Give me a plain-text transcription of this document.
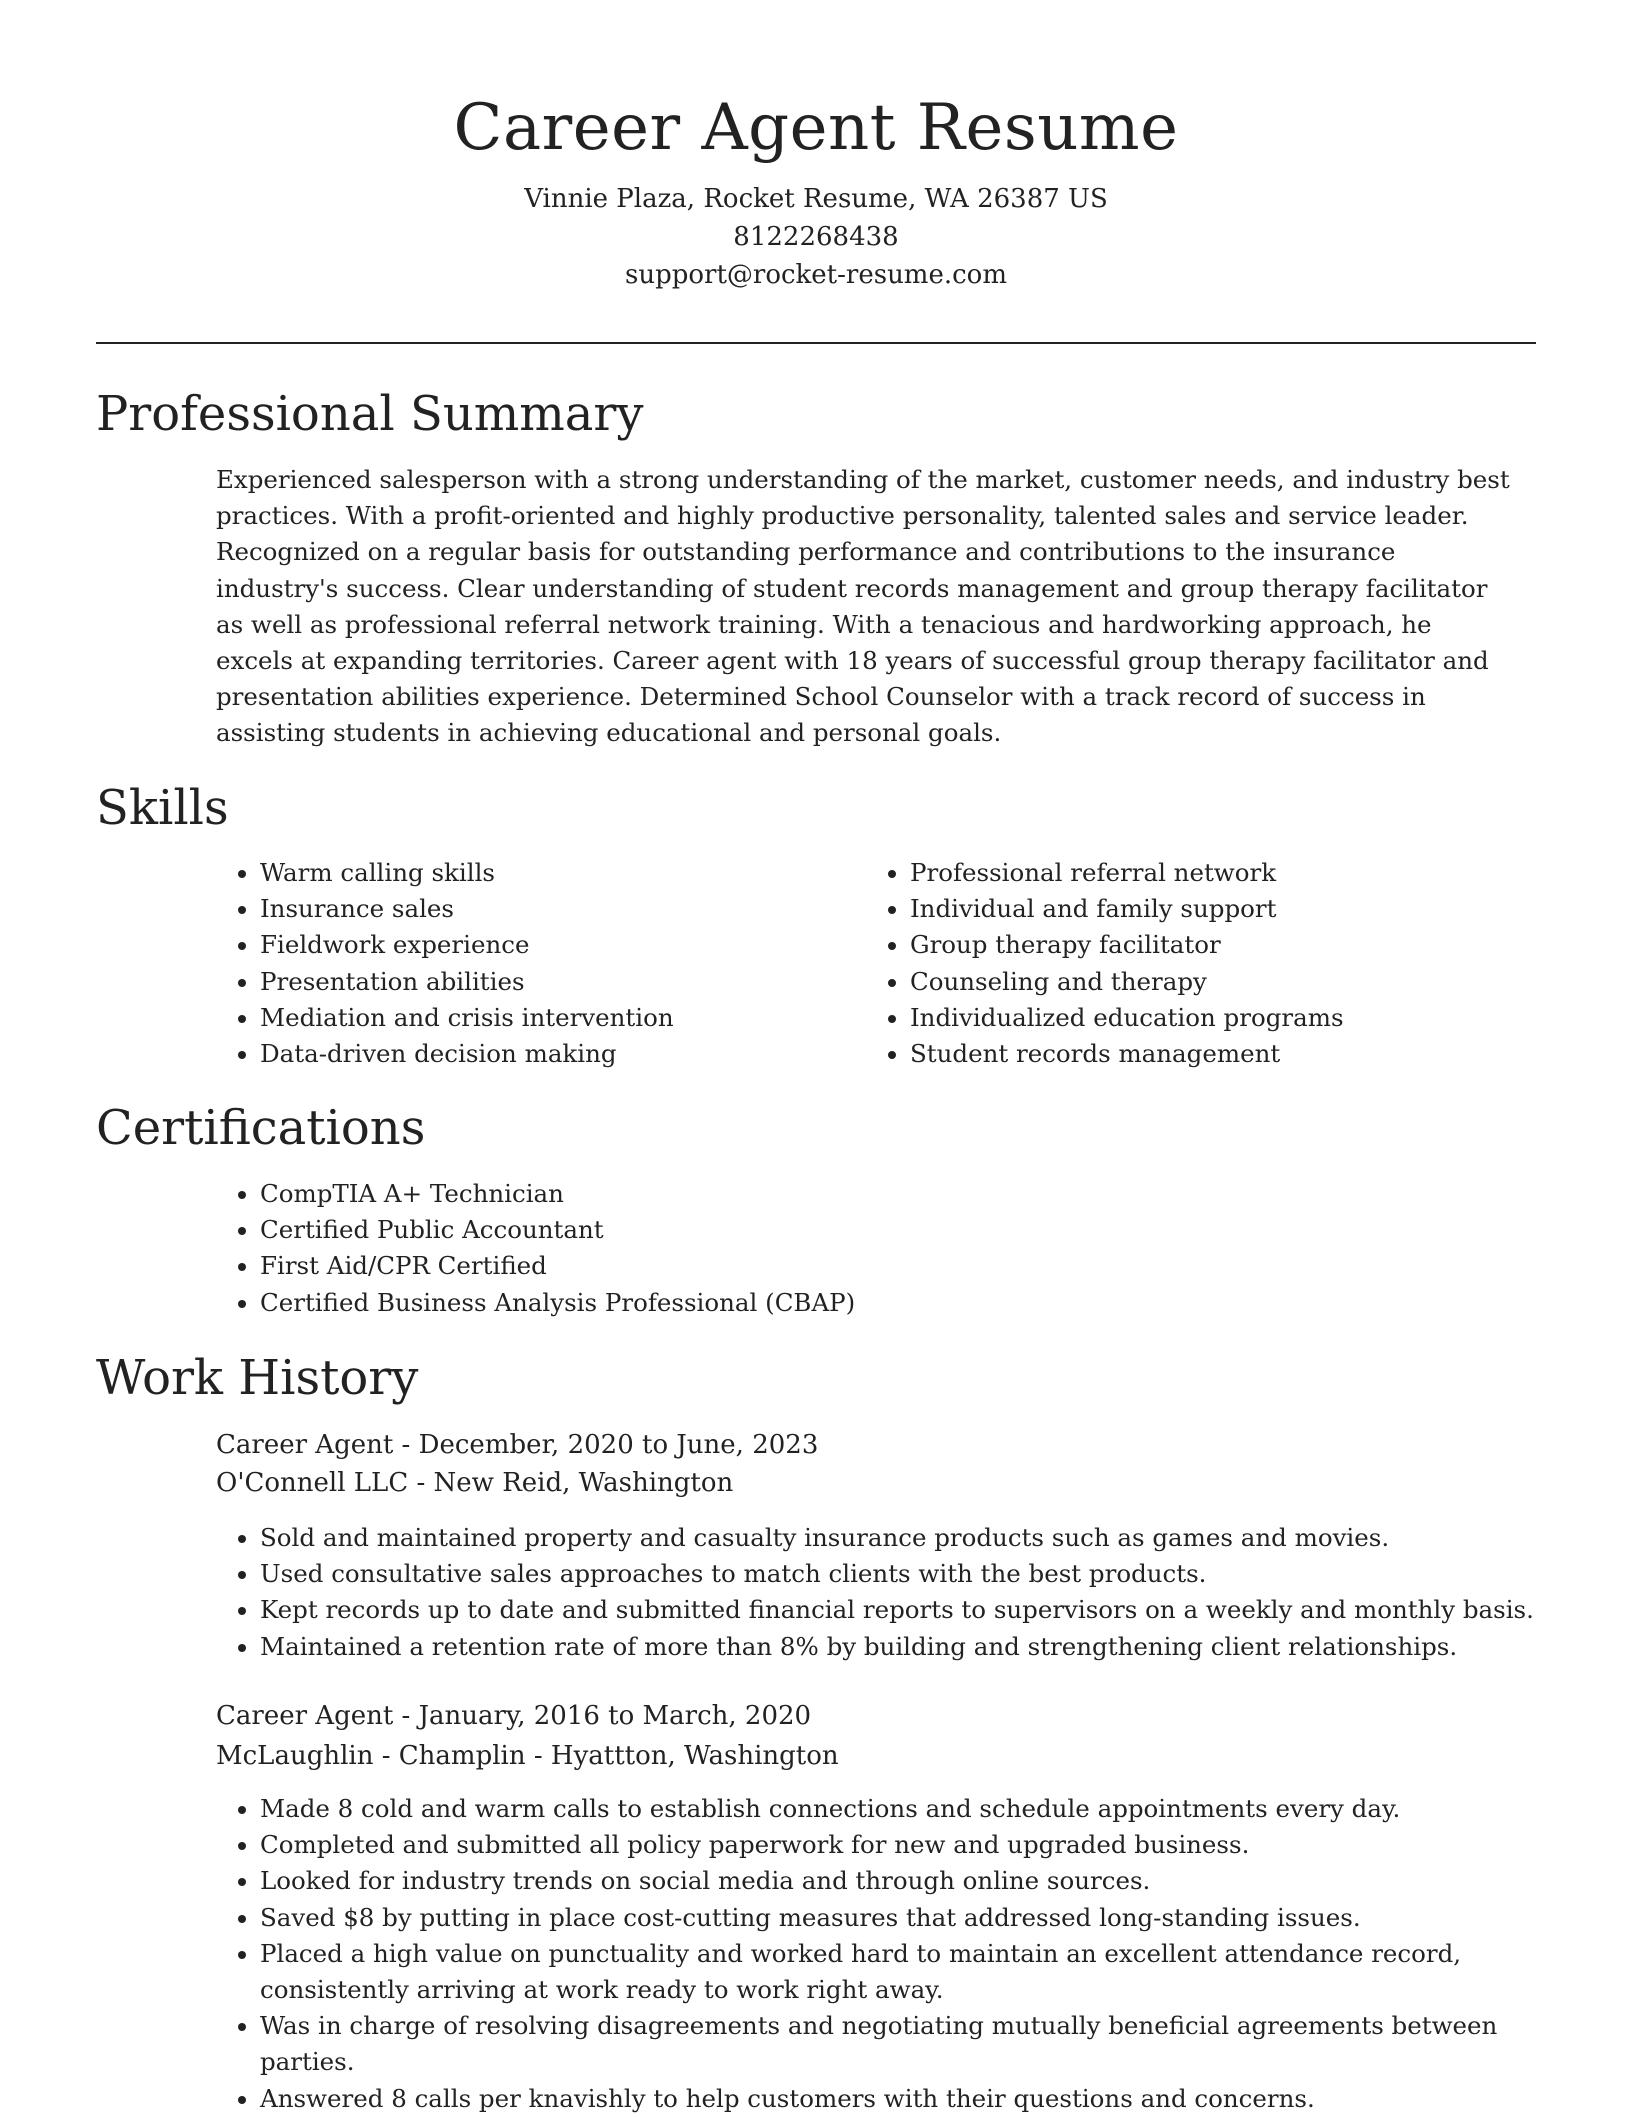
Career Agent Resume

Vinnie Plaza, Rocket Resume, WA 26387 US

8122268438

support@rocket-resume.com

Professional Summary

Experienced salesperson with a strong understanding of the market, customer needs, and industry best practices. With a profit-oriented and highly productive personality, talented sales and service leader. Recognized on a regular basis for outstanding performance and contributions to the insurance industry's success. Clear understanding of student records management and group therapy facilitator as well as professional referral network training. With a tenacious and hardworking approach, he excels at expanding territories. Career agent with 18 years of successful group therapy facilitator and presentation abilities experience. Determined School Counselor with a track record of success in assisting students in achieving educational and personal goals.

Skills
• Warm calling skills
• Insurance sales
• Fieldwork experience
• Presentation abilities
• Mediation and crisis intervention
• Data-driven decision making
• Professional referral network
• Individual and family support
• Group therapy facilitator
• Counseling and therapy
• Individualized education programs
• Student records management
Certifications
• CompTIA A+ Technician
• Certified Public Accountant
• First Aid/CPR Certified
• Certified Business Analysis Professional (CBAP)
Work History

Career Agent - December, 2020 to June, 2023

O'Connell LLC - New Reid, Washington

• Sold and maintained property and casualty insurance products such as games and movies.
• Used consultative sales approaches to match clients with the best products.
• Kept records up to date and submitted financial reports to supervisors on a weekly and monthly basis.
• Maintained a retention rate of more than 8% by building and strengthening client relationships.

Career Agent - January, 2016 to March, 2020

McLaughlin - Champlin - Hyattton, Washington

• Made 8 cold and warm calls to establish connections and schedule appointments every day.
• Completed and submitted all policy paperwork for new and upgraded business.
• Looked for industry trends on social media and through online sources.
• Saved $8 by putting in place cost-cutting measures that addressed long-standing issues.
• Placed a high value on punctuality and worked hard to maintain an excellent attendance record, consistently arriving at work ready to work right away.
• Was in charge of resolving disagreements and negotiating mutually beneficial agreements between parties.
• Answered 8 calls per knavishly to help customers with their questions and concerns.
